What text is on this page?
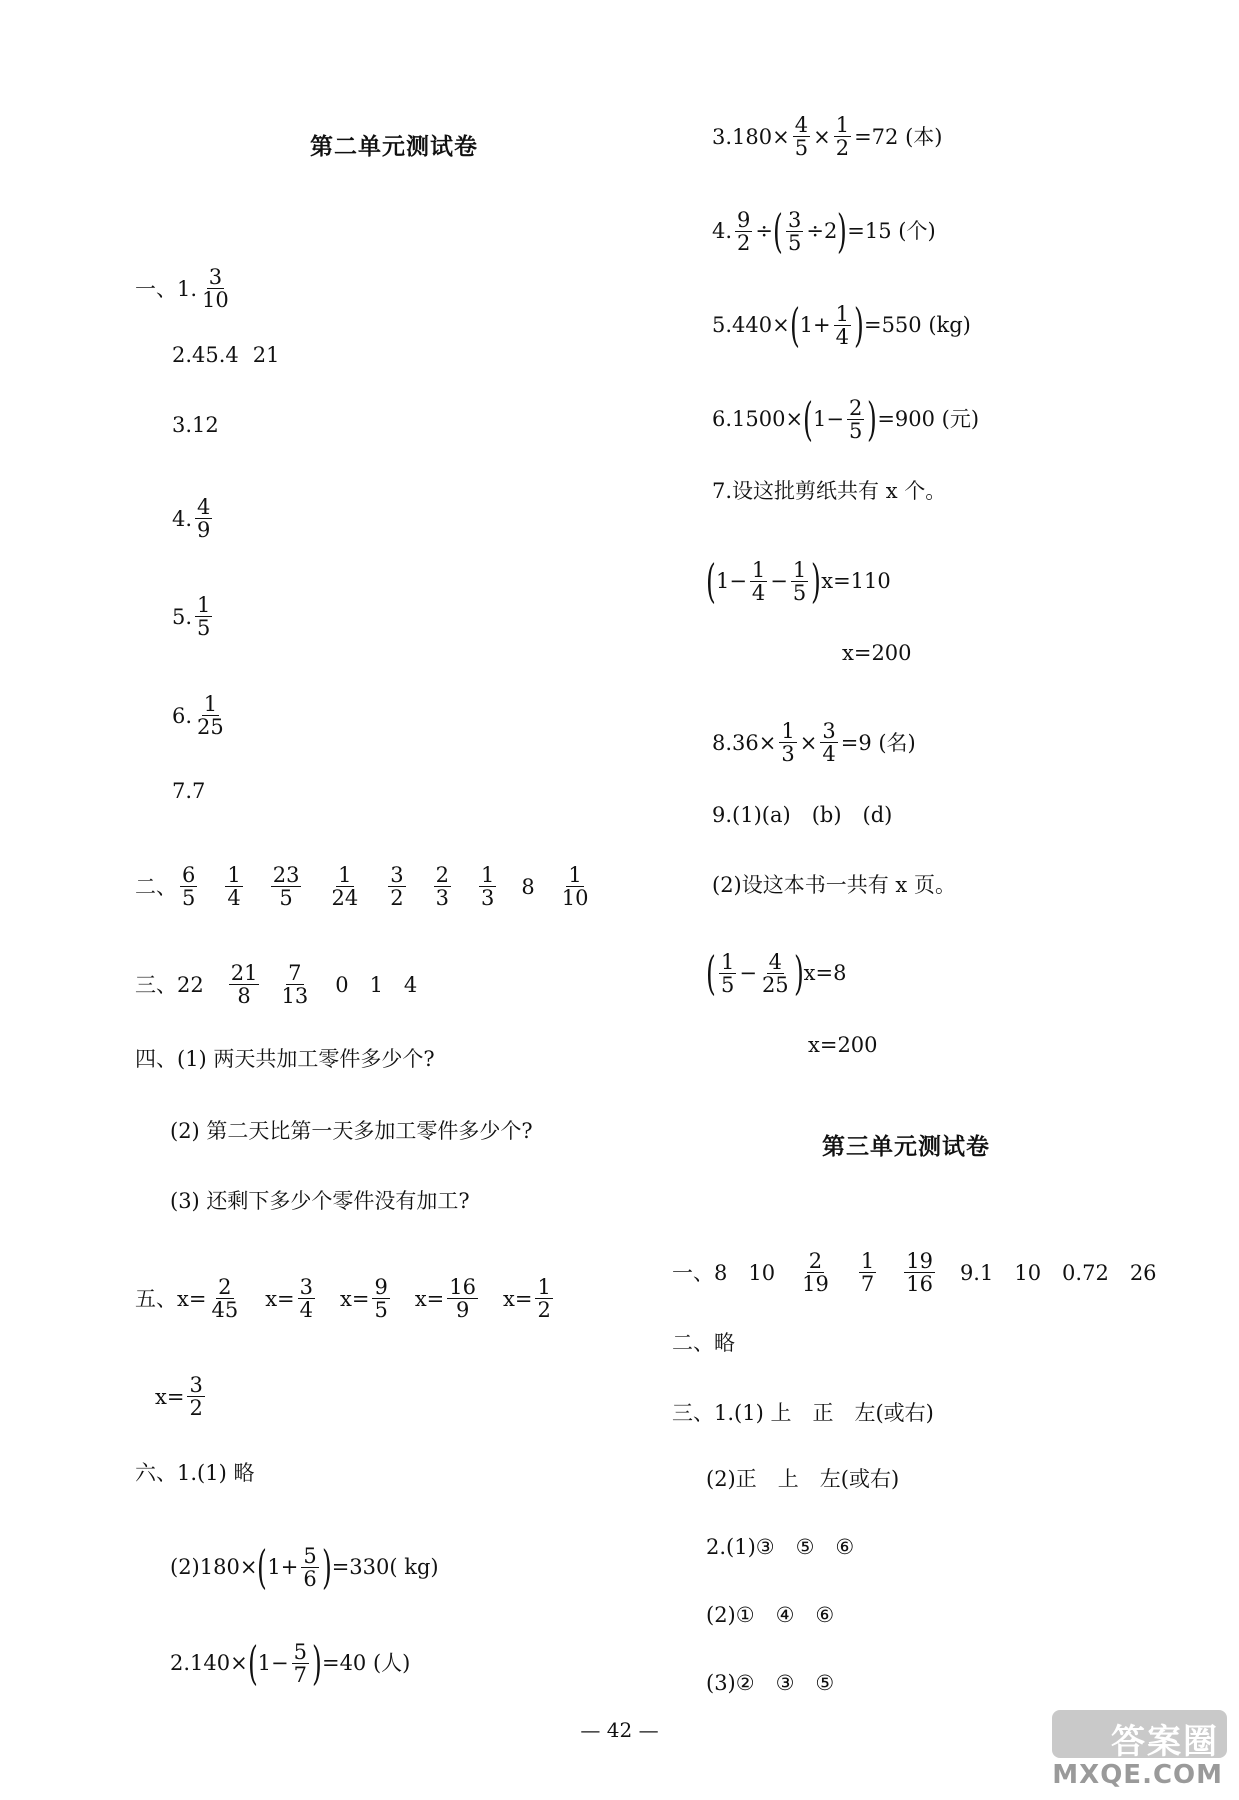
第二单元测试卷
一、1. $\frac{3}{10}$
2.45.4 21
3.12
4. $\frac{4}{9}$
5. $\frac{1}{5}$
6. $\frac{1}{25}$
7.7
二、 $\frac{6}{5} \frac{1}{4} \frac{23}{5} \frac{1}{24} \frac{3}{2} \frac{2}{3} \frac{1}{3} 8 \frac{1}{10}$
三、$22 \frac{21}{8} \frac{7}{13} 0$　1　4
四、(1) 两天共加工零件多少个?
(2) 第二天比第一天多加工零件多少个?
(3) 还剩下多少个零件没有加工?
五、 $x= \frac{2}{45} x= \frac{3}{4} x= \frac{9}{5} x= \frac{16}{9} x= \frac{1}{2}$
$x= \frac{3}{2}$
六、1.(1) 略
(2)180× ( $1+ \frac{5}{6}$ ) =330( kg)
2.140× ( $1- \frac{5}{7}$ ) =40 (人)
$3.180\times \frac{4}{5} \times \frac{1}{2} =72$ (本)
4. $\frac{9}{2}$ ÷ ( $\frac{3}{5} \div 2$ ) =15 (个)
5.440× ( $1+ \frac{1}{4}$ ) =550 (kg)
6.1500× ( $1- \frac{2}{5}$ ) =900 (元)
7.设这批剪纸共有 x 个。
( $1- \frac{1}{4} - \frac{1}{5}$ ) x=110
x=200
$8.36\times \frac{1}{3} \times \frac{3}{4} =9$ (名)
9.(1)(a)　(b)　(d)
(2)设这本书一共有 x 页。
( $\frac{1}{5} - \frac{4}{25}$ ) x=8
x=200
第三单元测试卷
一、8　$10 \frac{2}{19} \frac{1}{7} \frac{19}{16} 9.1$　10　0.72　26
二、略
三、1.(1) 上　正　左(或右)
(2)正　上　左(或右)
2.(1)③　⑤　⑥
(2)①　④　⑥
(3)②　③　⑤
— 42 —	答案圈
MXQE.COM
